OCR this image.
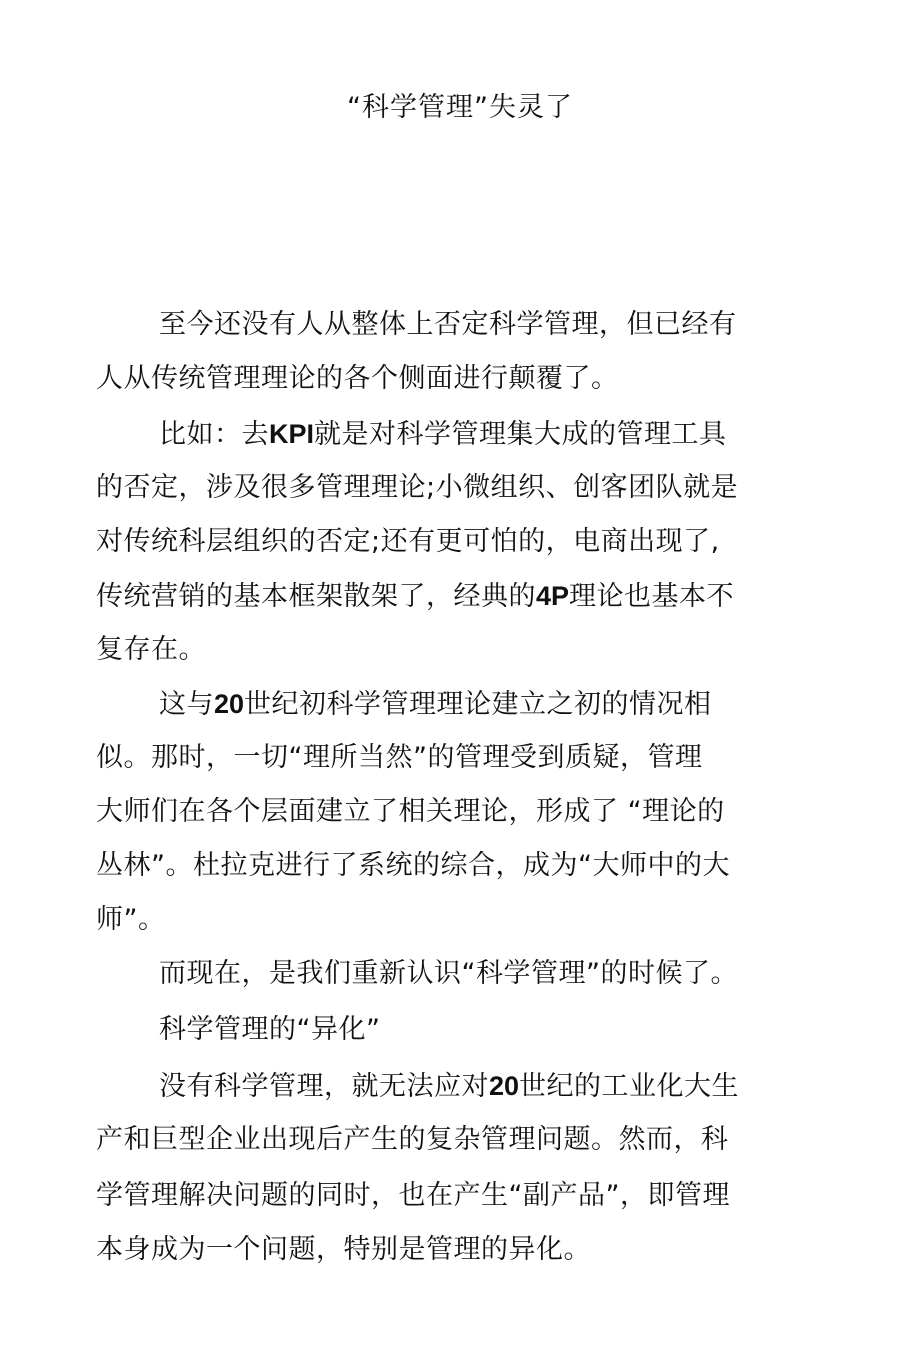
“科学管理”失灵了
至今还没有人从整体上否定科学管理，但已经有
人从传统管理理论的各个侧面进行颠覆了。
比如：去KPI就是对科学管理集大成的管理工具
的否定，涉及很多管理理论;小微组织、创客团队就是
对传统科层组织的否定;还有更可怕的，电商出现了,
传统营销的基本框架散架了，经典的4P理论也基本不
复存在。
这与20世纪初科学管理理论建立之初的情况相
似。那时，一切“理所当然”的管理受到质疑，管理
大师们在各个层面建立了相关理论，形成了 “理论的
丛林”。杜拉克进行了系统的综合，成为“大师中的大
师”。
而现在，是我们重新认识“科学管理”的时候了。
科学管理的“异化”
没有科学管理，就无法应对20世纪的工业化大生
产和巨型企业出现后产生的复杂管理问题。然而，科
学管理解决问题的同时，也在产生“副产品”，即管理
本身成为一个问题，特别是管理的异化。
